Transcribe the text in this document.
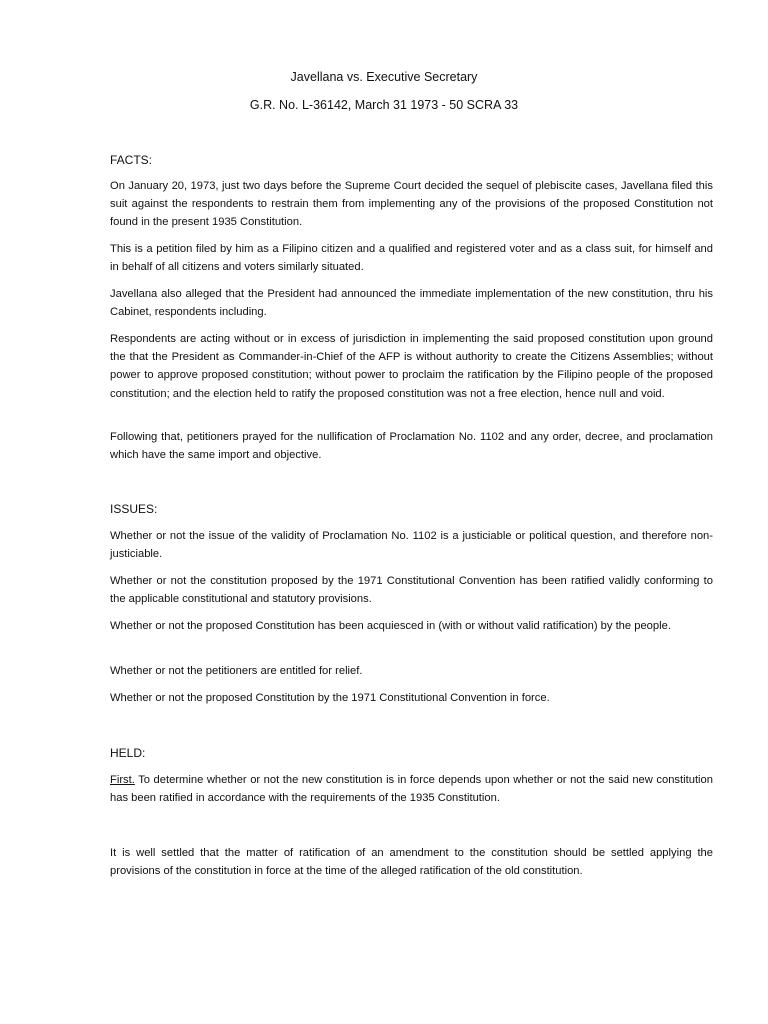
Javellana vs. Executive Secretary

G.R. No. L-36142, March 31 1973 - 50 SCRA 33

FACTS:

On January 20, 1973, just two days before the Supreme Court decided the sequel of plebiscite cases, Javellana filed this suit against the respondents to restrain them from implementing any of the provisions of the proposed Constitution not found in the present 1935 Constitution.

This is a petition filed by him as a Filipino citizen and a qualified and registered voter and as a class suit, for himself and in behalf of all citizens and voters similarly situated.

Javellana also alleged that the President had announced the immediate implementation of the new constitution, thru his Cabinet, respondents including.

Respondents are acting without or in excess of jurisdiction in implementing the said proposed constitution upon ground the that the President as Commander-in-Chief of the AFP is without authority to create the Citizens Assemblies; without power to approve proposed constitution; without power to proclaim the ratification by the Filipino people of the proposed constitution; and the election held to ratify the proposed constitution was not a free election, hence null and void.

Following that, petitioners prayed for the nullification of Proclamation No. 1102 and any order, decree, and proclamation which have the same import and objective.

ISSUES:

Whether or not the issue of the validity of Proclamation No. 1102 is a justiciable or political question, and therefore non-justiciable.

Whether or not the constitution proposed by the 1971 Constitutional Convention has been ratified validly conforming to the applicable constitutional and statutory provisions.

Whether or not the proposed Constitution has been acquiesced in (with or without valid ratification) by the people.

Whether or not the petitioners are entitled for relief.

Whether or not the proposed Constitution by the 1971 Constitutional Convention in force.

HELD:

First. To determine whether or not the new constitution is in force depends upon whether or not the said new constitution has been ratified in accordance with the requirements of the 1935 Constitution.

It is well settled that the matter of ratification of an amendment to the constitution should be settled applying the provisions of the constitution in force at the time of the alleged ratification of the old constitution.
